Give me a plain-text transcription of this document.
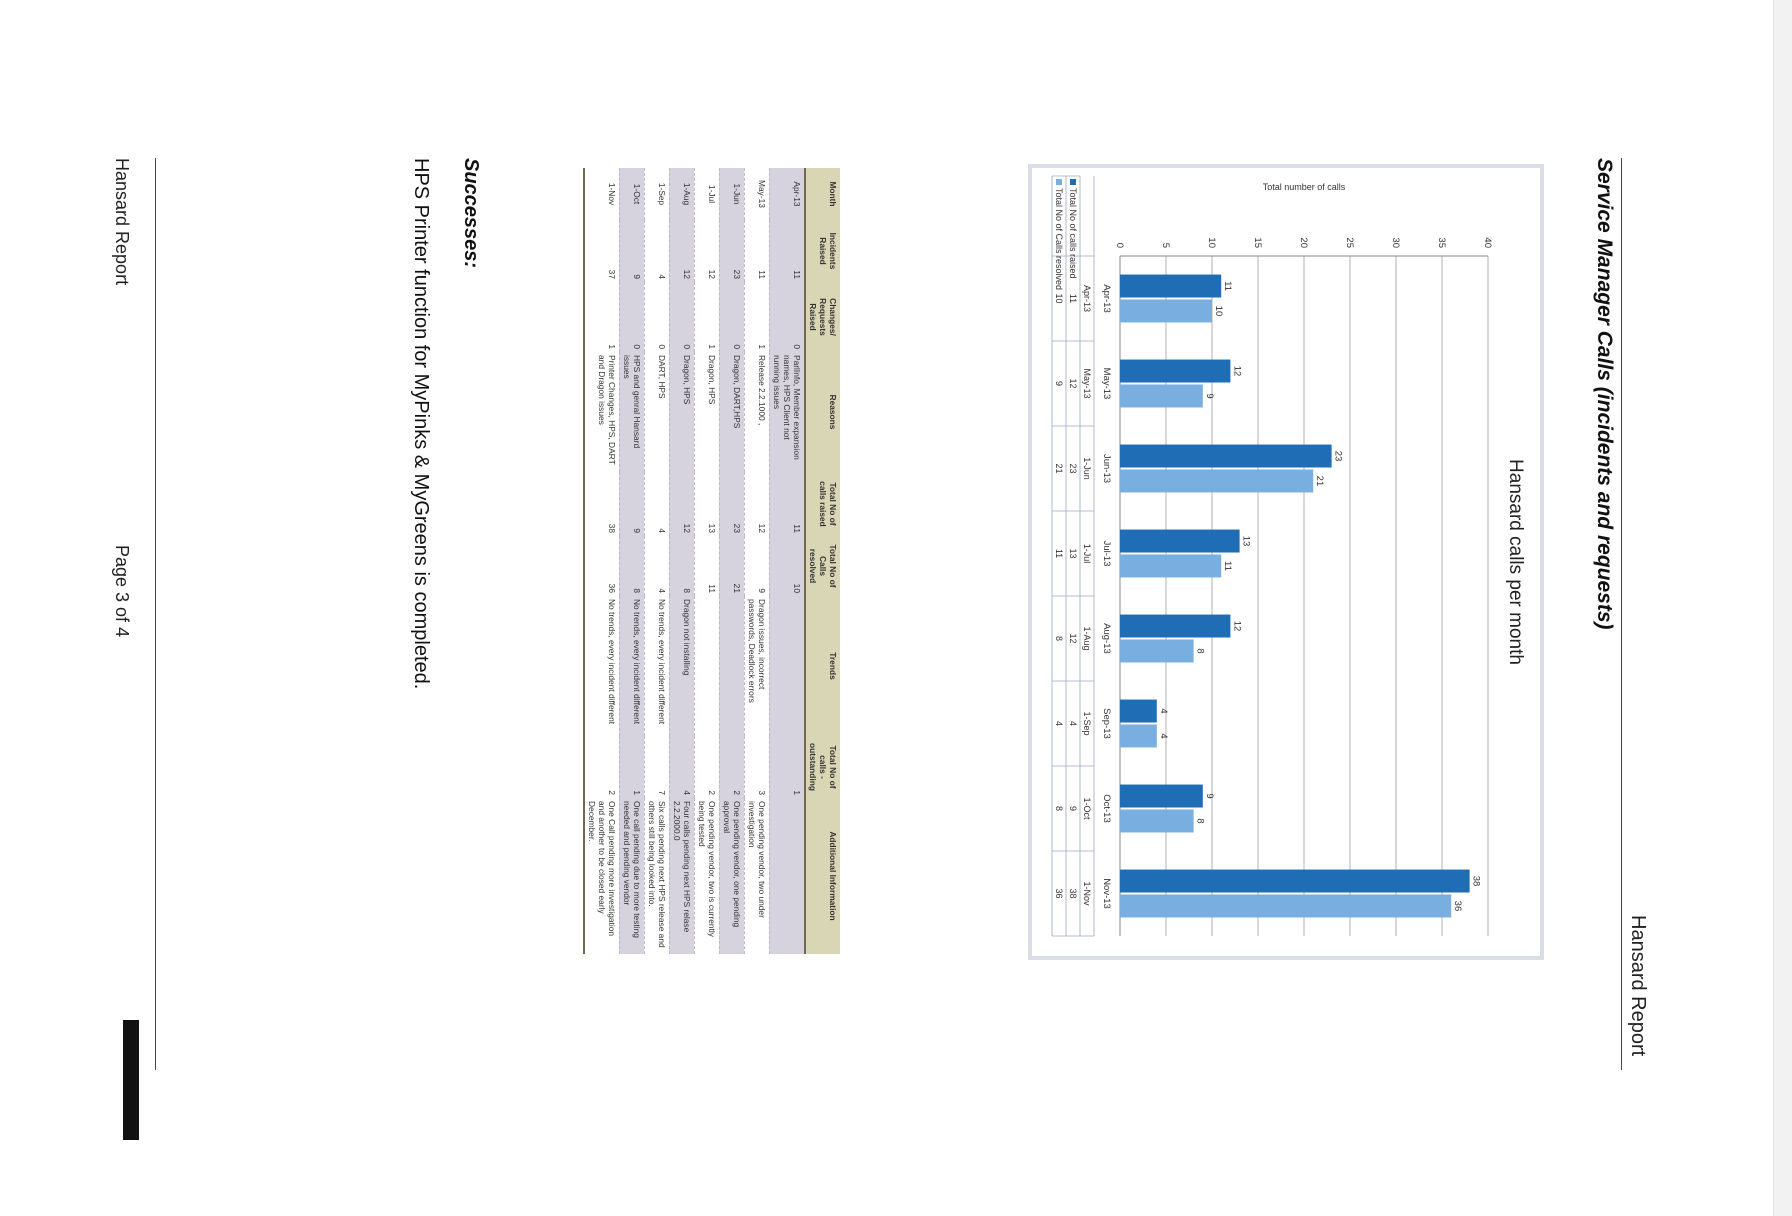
Hansard Report
Service Manager Calls (incidents and requests)
Hansard calls per month
Total number of calls
0	5	10	15	20	25	30	35	40
11
12
23
13
12
4
9
38
10
9
21
11
8
4
8
36
Apr-13
May-13
Jun-13
Jul-13
Aug-13
Sep-13
Oct-13
Nov-13
Apr-13
May-13
1-Jun
1-Jul
1-Aug
1-Sep
1-Oct
1-Nov
Total No of calls raised
11
12
23
13
12
4
9
38
Total No of Calls resolved
10
9
21
11
8
4
8
36
Month	Incidents Raised	Changes/ Requests Raised	Reasons	Total No of calls raised	Total No of Calls resolved	Trends	Total No of calls -outstanding	Additional Information
Apr-13	11	0	ParlInfo, Member expansion names, HPS Client not running issues	11	10		1	
May-13	11	1	Release 2.2.1000 ,	12	9	Dragon issues, incorrect passwords, Deadlock errors	3	One pending vendor, two under investigation
1-Jun	23	0	Dragon, DART,HPS	23	21		2	One pending vendor, one pending approval
1-Jul	12	1	Dragon, HPS	13	11		2	One pending vendor, two is currently being tested
1-Aug	12	0	Dragon, HPS	12	8	Dragon not installing	4	Four calls pending next HPS relase 2.2.2000.0
1-Sep	4	0	DART, HPS	4	4	No trends, every incident different	7	Six calls pending next HPS release and others still being looked into.
1-Oct	9	0	HPS and genral Hansard issues	9	8	No trends, every incident different	1	One call pending due to more testing needed and pending vendor
1-Nov	37	1	Printer Changes, HPS, DART and Dragon issues	38	36	No trends, every incident different	2	One Call pending more investigation and another to be closed early December.
Successes:
HPS Printer function for MyPinks & MyGreens is completed.
Hansard Report
Page 3 of 4
